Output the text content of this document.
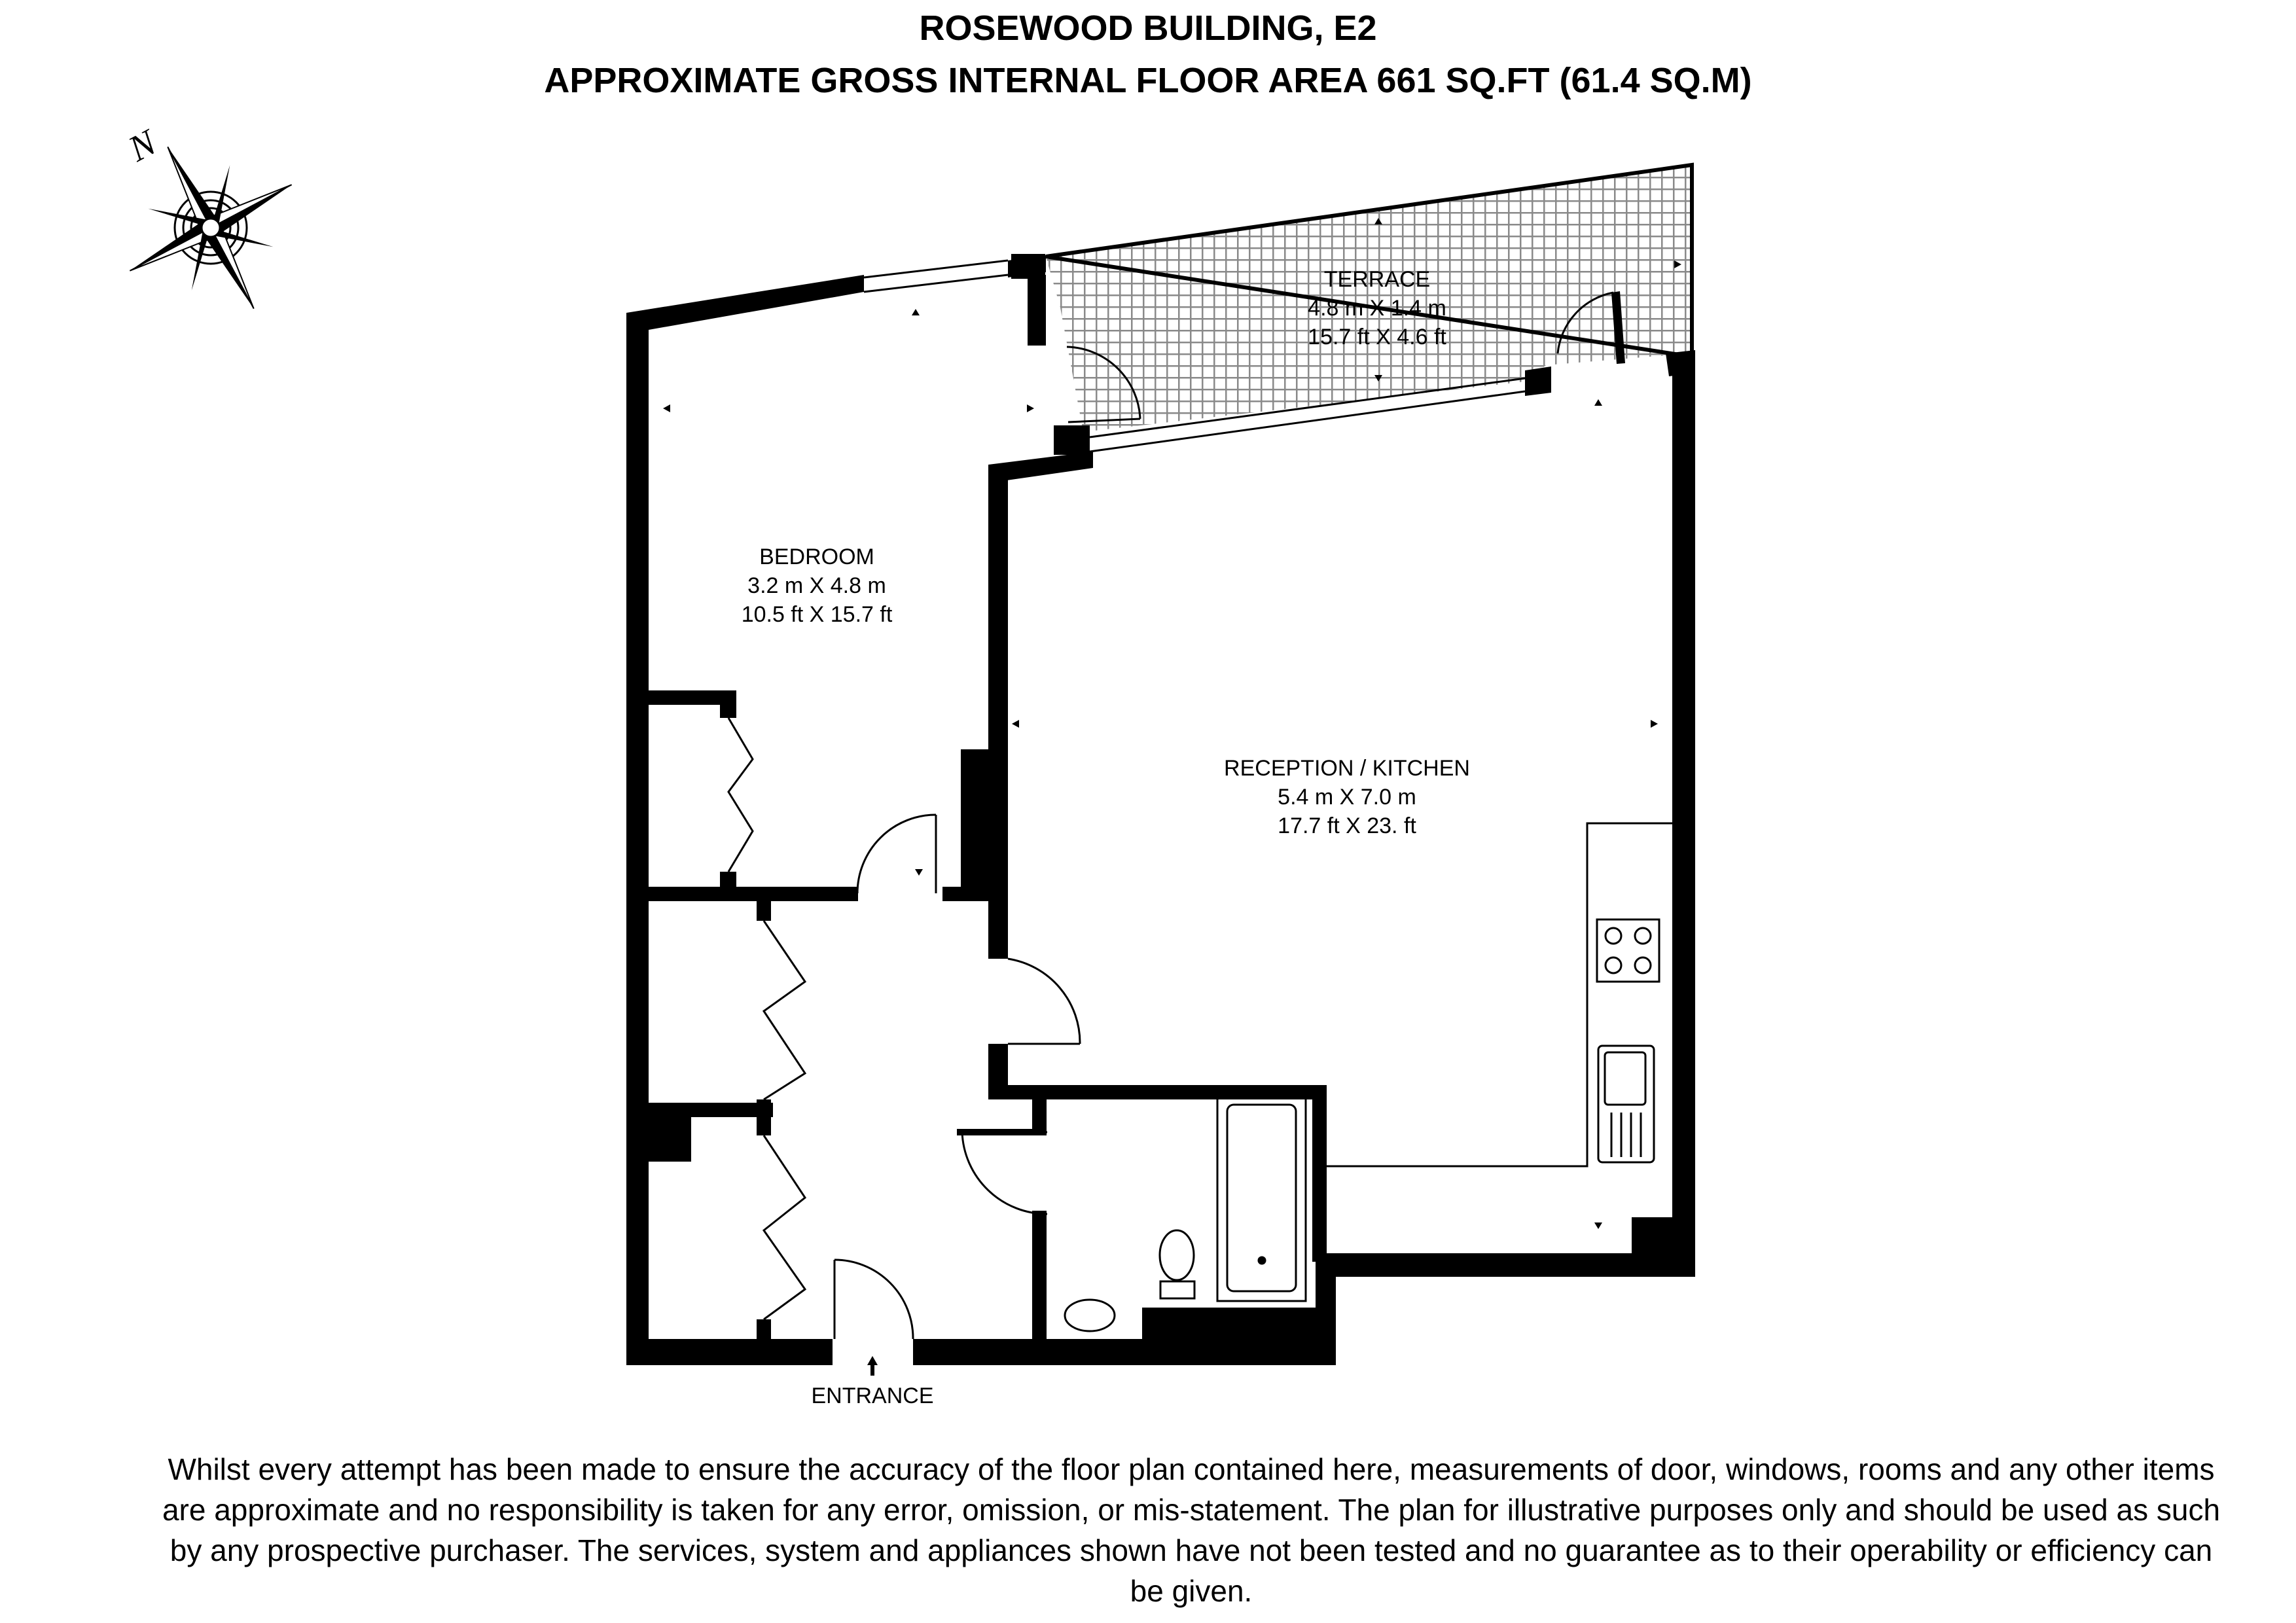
ROSEWOOD BUILDING, E2
APPROXIMATE GROSS INTERNAL FLOOR AREA 661 SQ.FT (61.4 SQ.M)
N
TERRACE
4.8 m X 1.4 m
15.7 ft X 4.6 ft
BEDROOM
3.2 m X 4.8 m
10.5 ft X 15.7 ft
RECEPTION / KITCHEN
5.4 m X 7.0 m
17.7 ft X 23. ft
ENTRANCE

Whilst every attempt has been made to ensure the accuracy of the floor plan contained here, measurements of door, windows, rooms and any other items are approximate and no responsibility is taken for any error, omission, or mis-statement. The plan for illustrative purposes only and should be used as such by any prospective purchaser. The services, system and appliances shown have not been tested and no guarantee as to their operability or efficiency can be given.
